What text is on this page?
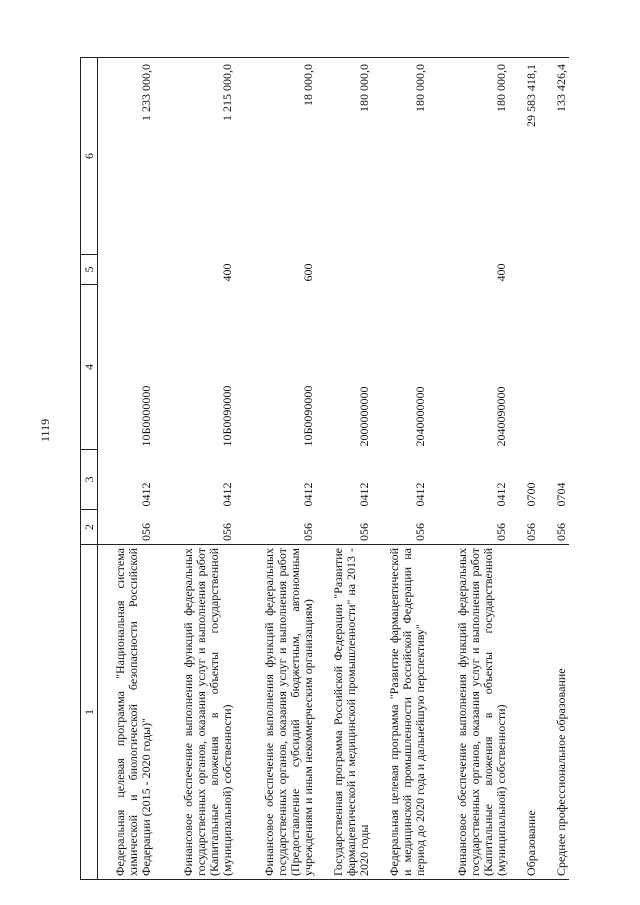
1119
1	2	3	4	5	6
Федеральная целевая программа "Национальная система химической и биологической безопасности Российской Федерации (2015 - 2020 годы)"	056	0412	10Б0000000		1 233 000,0
Финансовое обеспечение выполнения функций федеральных государственных органов, оказания услуг и выполнения работ (Капитальные вложения в объекты государственной (муниципальной) собственности)	056	0412	10Б0090000	400	1 215 000,0
Финансовое обеспечение выполнения функций федеральных государственных органов, оказания услуг и выполнения работ (Предоставление субсидий бюджетным, автономным учреждениям и иным некоммерческим организациям)	056	0412	10Б0090000	600	18 000,0
Государственная программа Российской Федерации "Развитие фармацевтической и медицинской промышленности" на 2013 - 2020 годы	056	0412	2000000000		180 000,0
Федеральная целевая программа "Развитие фармацевтической и медицинской промышленности Российской Федерации на период до 2020 года и дальнейшую перспективу"	056	0412	2040000000		180 000,0
Финансовое обеспечение выполнения функций федеральных государственных органов, оказания услуг и выполнения работ (Капитальные вложения в объекты государственной (муниципальной) собственности)	056	0412	2040090000	400	180 000,0
Образование	056	0700			29 583 418,1
Среднее профессиональное образование	056	0704			133 426,4
